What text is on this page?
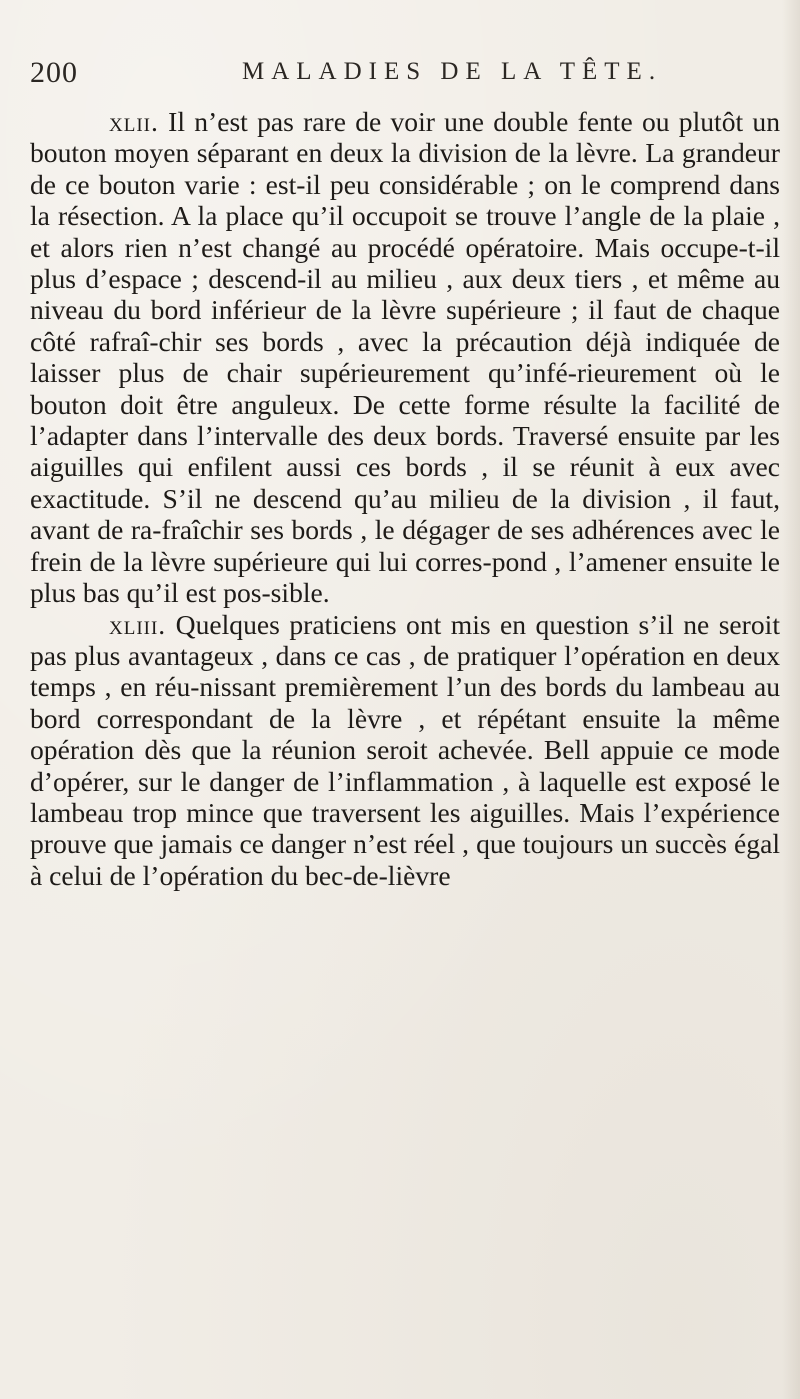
200	MALADIES DE LA TÊTE.

xlii. Il n’est pas rare de voir une double fente ou plutôt un bouton moyen séparant en deux la division de la lèvre. La grandeur de ce bouton varie : est-il peu considérable ; on le comprend dans la résection. A la place qu’il occupoit se trouve l’angle de la plaie , et alors rien n’est changé au procédé opératoire. Mais occupe-t-il plus d’espace ; descend-il au milieu , aux deux tiers , et même au niveau du bord inférieur de la lèvre supérieure ; il faut de chaque côté rafraî-chir ses bords , avec la précaution déjà indiquée de laisser plus de chair supérieurement qu’infé-rieurement où le bouton doit être anguleux. De cette forme résulte la facilité de l’adapter dans l’intervalle des deux bords. Traversé ensuite par les aiguilles qui enfilent aussi ces bords , il se réunit à eux avec exactitude. S’il ne descend qu’au milieu de la division , il faut, avant de ra-fraîchir ses bords , le dégager de ses adhérences avec le frein de la lèvre supérieure qui lui corres-pond , l’amener ensuite le plus bas qu’il est pos-sible.

xliii. Quelques praticiens ont mis en question s’il ne seroit pas plus avantageux , dans ce cas , de pratiquer l’opération en deux temps , en réu-nissant premièrement l’un des bords du lambeau au bord correspondant de la lèvre , et répétant ensuite la même opération dès que la réunion seroit achevée. Bell appuie ce mode d’opérer, sur le danger de l’inflammation , à laquelle est exposé le lambeau trop mince que traversent les aiguilles. Mais l’expérience prouve que jamais ce danger n’est réel , que toujours un succès égal à celui de l’opération du bec-de-lièvre
